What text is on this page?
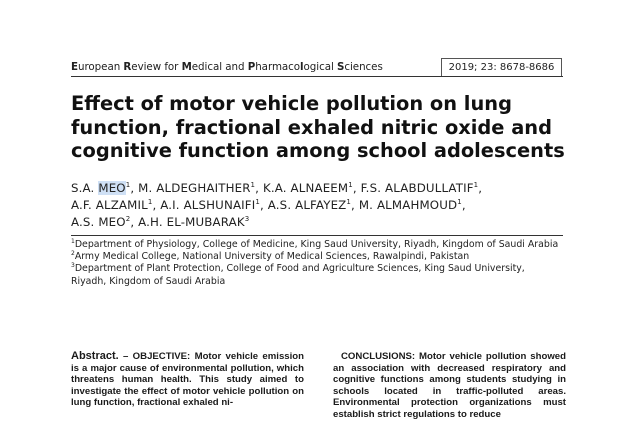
European Review for Medical and Pharmacological Sciences	2019; 23: 8678-8686
Effect of motor vehicle pollution on lung
function, fractional exhaled nitric oxide and
cognitive function among school adolescents
S.A. MEO$^1$, M. ALDEGHAITHER$^1$, K.A. ALNAEEM$^1$, F.S. ALABDULLATIF$^1$,
A.F. ALZAMIL$^1$, A.I. ALSHUNAIFI$^1$, A.S. ALFAYEZ$^1$, M. ALMAHMOUD$^1$,
A.S. MEO$^2$, A.H. EL-MUBARAK$^3$
$^1$Department of Physiology, College of Medicine, King Saud University, Riyadh, Kingdom of Saudi Arabia
$^2$Army Medical College, National University of Medical Sciences, Rawalpindi, Pakistan
$^3$Department of Plant Protection, College of Food and Agriculture Sciences, King Saud University, Riyadh, Kingdom of Saudi Arabia
Abstract. – OBJECTIVE: Motor vehicle emission is a major cause of environmental pollution, which threatens human health. This study aimed to investigate the effect of motor vehicle pollution on lung function, fractional exhaled ni-
CONCLUSIONS: Motor vehicle pollution showed an association with decreased respiratory and cognitive functions among students studying in schools located in traffic-polluted areas. Environmental protection organizations must establish strict regulations to reduce
